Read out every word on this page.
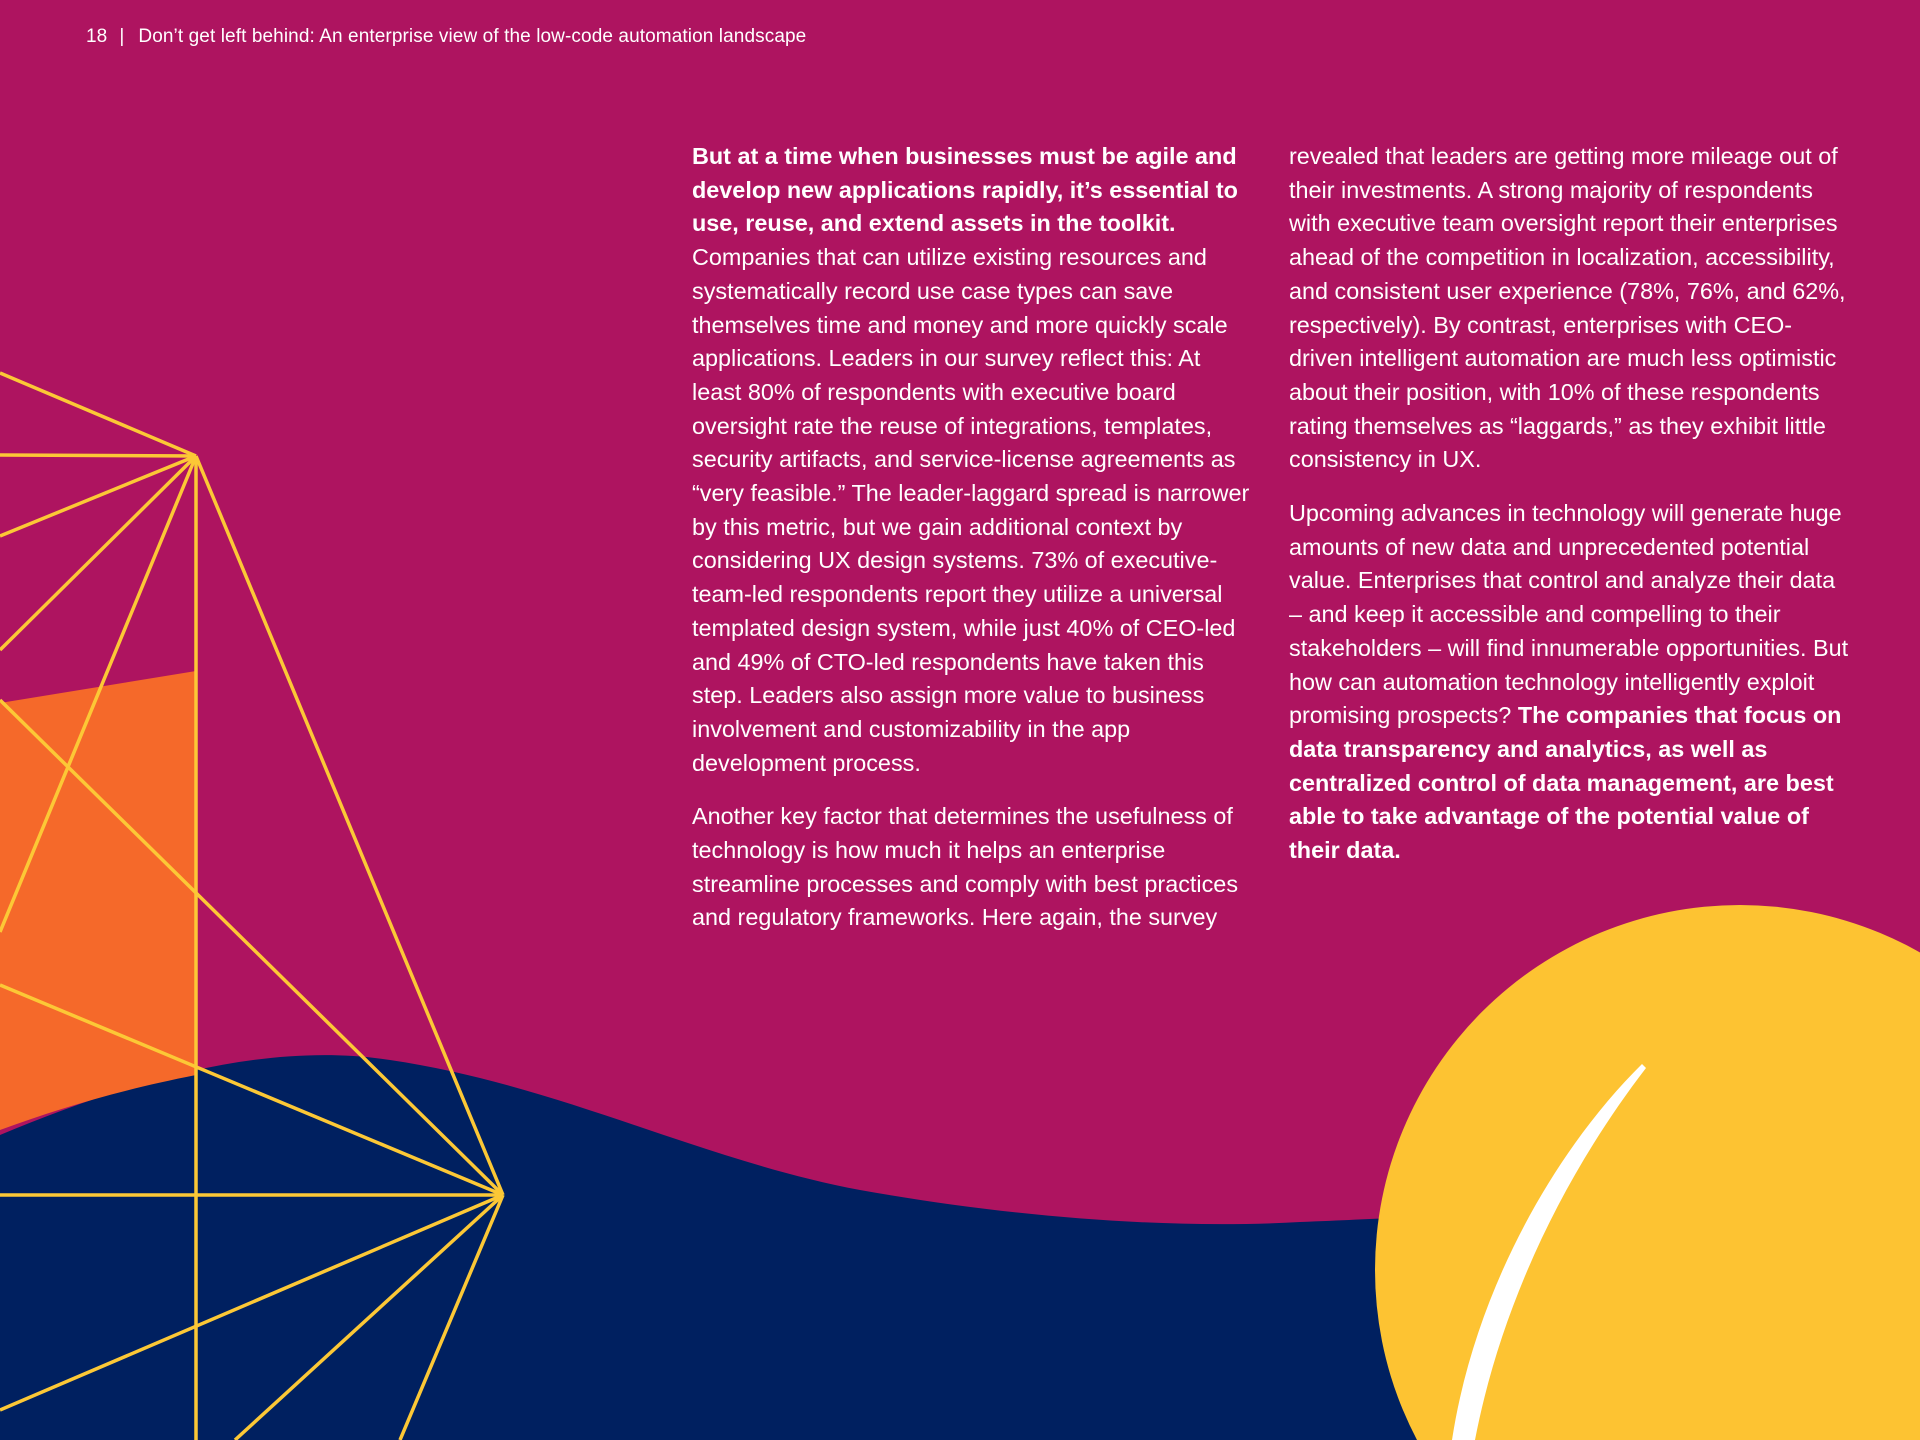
18 | Don’t get left behind: An enterprise view of the low-code automation landscape

But at a time when businesses must be agile and develop new applications rapidly, it’s essential to use, reuse, and extend assets in the toolkit. Companies that can utilize existing resources and systematically record use case types can save themselves time and money and more quickly scale applications. Leaders in our survey reflect this: At least 80% of respondents with executive board oversight rate the reuse of integrations, templates, security artifacts, and service-license agreements as “very feasible.” The leader-laggard spread is narrower by this metric, but we gain additional context by considering UX design systems. 73% of executive-team-led respondents report they utilize a universal templated design system, while just 40% of CEO-led and 49% of CTO-led respondents have taken this step. Leaders also assign more value to business involvement and customizability in the app development process.

Another key factor that determines the usefulness of technology is how much it helps an enterprise streamline processes and comply with best practices and regulatory frameworks. Here again, the survey

revealed that leaders are getting more mileage out of their investments. A strong majority of respondents with executive team oversight report their enterprises ahead of the competition in localization, accessibility, and consistent user experience (78%, 76%, and 62%, respectively). By contrast, enterprises with CEO-driven intelligent automation are much less optimistic about their position, with 10% of these respondents rating themselves as “laggards,” as they exhibit little consistency in UX.

Upcoming advances in technology will generate huge amounts of new data and unprecedented potential value. Enterprises that control and analyze their data – and keep it accessible and compelling to their stakeholders – will find innumerable opportunities. But how can automation technology intelligently exploit promising prospects? The companies that focus on data transparency and analytics, as well as centralized control of data management, are best able to take advantage of the potential value of their data.
